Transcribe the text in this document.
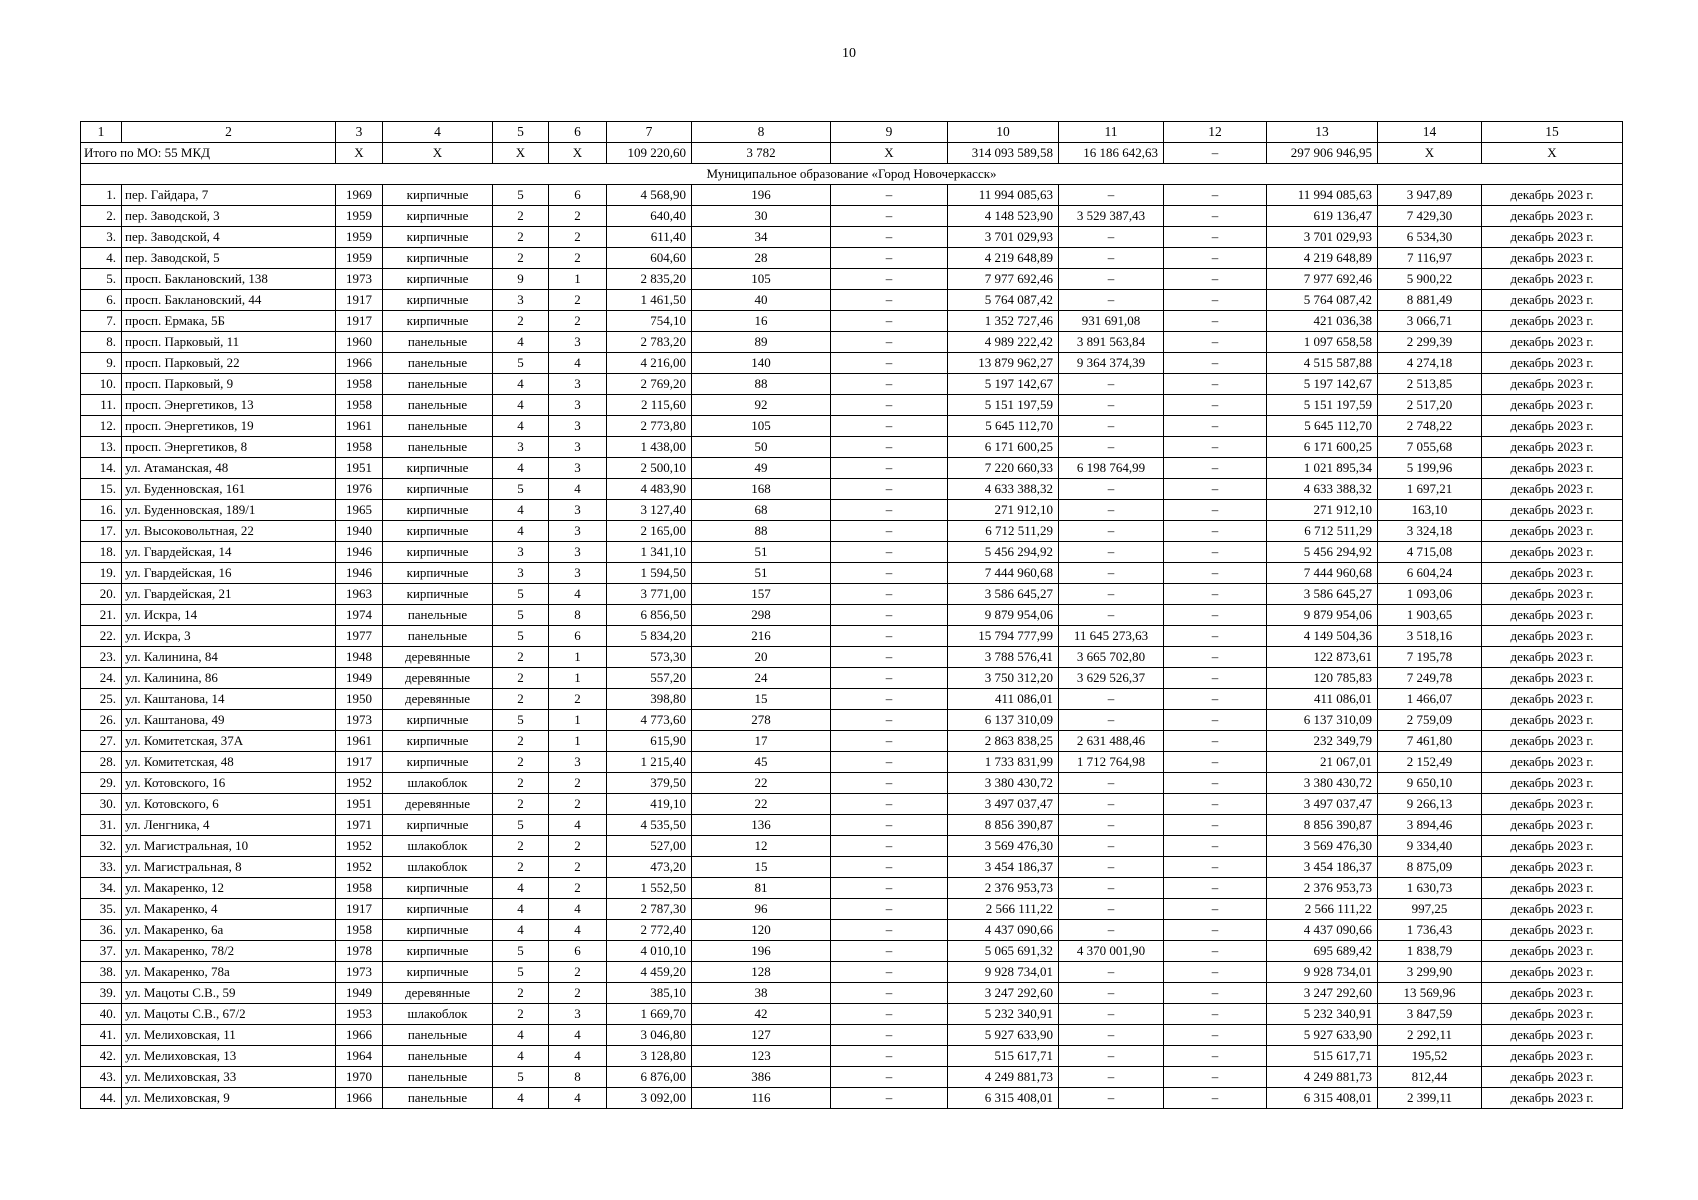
10
1	2	3	4	5	6	7	8	9	10	11	12	13	14	15
Итого по МО: 55 МКД		X	X	X	X	109 220,60	3 782	X	314 093 589,58	16 186 642,63	–	297 906 946,95	X	X
Муниципальное образование «Город Новочеркасск»														
1.	пер. Гайдара, 7	1969	кирпичные	5	6	4 568,90	196	–	11 994 085,63	–	–	11 994 085,63	3 947,89	декабрь 2023 г.
2.	пер. Заводской, 3	1959	кирпичные	2	2	640,40	30	–	4 148 523,90	3 529 387,43	–	619 136,47	7 429,30	декабрь 2023 г.
3.	пер. Заводской, 4	1959	кирпичные	2	2	611,40	34	–	3 701 029,93	–	–	3 701 029,93	6 534,30	декабрь 2023 г.
4.	пер. Заводской, 5	1959	кирпичные	2	2	604,60	28	–	4 219 648,89	–	–	4 219 648,89	7 116,97	декабрь 2023 г.
5.	просп. Баклановский, 138	1973	кирпичные	9	1	2 835,20	105	–	7 977 692,46	–	–	7 977 692,46	5 900,22	декабрь 2023 г.
6.	просп. Баклановский, 44	1917	кирпичные	3	2	1 461,50	40	–	5 764 087,42	–	–	5 764 087,42	8 881,49	декабрь 2023 г.
7.	просп. Ермака, 5Б	1917	кирпичные	2	2	754,10	16	–	1 352 727,46	931 691,08	–	421 036,38	3 066,71	декабрь 2023 г.
8.	просп. Парковый, 11	1960	панельные	4	3	2 783,20	89	–	4 989 222,42	3 891 563,84	–	1 097 658,58	2 299,39	декабрь 2023 г.
9.	просп. Парковый, 22	1966	панельные	5	4	4 216,00	140	–	13 879 962,27	9 364 374,39	–	4 515 587,88	4 274,18	декабрь 2023 г.
10.	просп. Парковый, 9	1958	панельные	4	3	2 769,20	88	–	5 197 142,67	–	–	5 197 142,67	2 513,85	декабрь 2023 г.
11.	просп. Энергетиков, 13	1958	панельные	4	3	2 115,60	92	–	5 151 197,59	–	–	5 151 197,59	2 517,20	декабрь 2023 г.
12.	просп. Энергетиков, 19	1961	панельные	4	3	2 773,80	105	–	5 645 112,70	–	–	5 645 112,70	2 748,22	декабрь 2023 г.
13.	просп. Энергетиков, 8	1958	панельные	3	3	1 438,00	50	–	6 171 600,25	–	–	6 171 600,25	7 055,68	декабрь 2023 г.
14.	ул. Атаманская, 48	1951	кирпичные	4	3	2 500,10	49	–	7 220 660,33	6 198 764,99	–	1 021 895,34	5 199,96	декабрь 2023 г.
15.	ул. Буденновская, 161	1976	кирпичные	5	4	4 483,90	168	–	4 633 388,32	–	–	4 633 388,32	1 697,21	декабрь 2023 г.
16.	ул. Буденновская, 189/1	1965	кирпичные	4	3	3 127,40	68	–	271 912,10	–	–	271 912,10	163,10	декабрь 2023 г.
17.	ул. Высоковольтная, 22	1940	кирпичные	4	3	2 165,00	88	–	6 712 511,29	–	–	6 712 511,29	3 324,18	декабрь 2023 г.
18.	ул. Гвардейская, 14	1946	кирпичные	3	3	1 341,10	51	–	5 456 294,92	–	–	5 456 294,92	4 715,08	декабрь 2023 г.
19.	ул. Гвардейская, 16	1946	кирпичные	3	3	1 594,50	51	–	7 444 960,68	–	–	7 444 960,68	6 604,24	декабрь 2023 г.
20.	ул. Гвардейская, 21	1963	кирпичные	5	4	3 771,00	157	–	3 586 645,27	–	–	3 586 645,27	1 093,06	декабрь 2023 г.
21.	ул. Искра, 14	1974	панельные	5	8	6 856,50	298	–	9 879 954,06	–	–	9 879 954,06	1 903,65	декабрь 2023 г.
22.	ул. Искра, 3	1977	панельные	5	6	5 834,20	216	–	15 794 777,99	11 645 273,63	–	4 149 504,36	3 518,16	декабрь 2023 г.
23.	ул. Калинина, 84	1948	деревянные	2	1	573,30	20	–	3 788 576,41	3 665 702,80	–	122 873,61	7 195,78	декабрь 2023 г.
24.	ул. Калинина, 86	1949	деревянные	2	1	557,20	24	–	3 750 312,20	3 629 526,37	–	120 785,83	7 249,78	декабрь 2023 г.
25.	ул. Каштанова, 14	1950	деревянные	2	2	398,80	15	–	411 086,01	–	–	411 086,01	1 466,07	декабрь 2023 г.
26.	ул. Каштанова, 49	1973	кирпичные	5	1	4 773,60	278	–	6 137 310,09	–	–	6 137 310,09	2 759,09	декабрь 2023 г.
27.	ул. Комитетская, 37А	1961	кирпичные	2	1	615,90	17	–	2 863 838,25	2 631 488,46	–	232 349,79	7 461,80	декабрь 2023 г.
28.	ул. Комитетская, 48	1917	кирпичные	2	3	1 215,40	45	–	1 733 831,99	1 712 764,98	–	21 067,01	2 152,49	декабрь 2023 г.
29.	ул. Котовского, 16	1952	шлакоблок	2	2	379,50	22	–	3 380 430,72	–	–	3 380 430,72	9 650,10	декабрь 2023 г.
30.	ул. Котовского, 6	1951	деревянные	2	2	419,10	22	–	3 497 037,47	–	–	3 497 037,47	9 266,13	декабрь 2023 г.
31.	ул. Ленгника, 4	1971	кирпичные	5	4	4 535,50	136	–	8 856 390,87	–	–	8 856 390,87	3 894,46	декабрь 2023 г.
32.	ул. Магистральная, 10	1952	шлакоблок	2	2	527,00	12	–	3 569 476,30	–	–	3 569 476,30	9 334,40	декабрь 2023 г.
33.	ул. Магистральная, 8	1952	шлакоблок	2	2	473,20	15	–	3 454 186,37	–	–	3 454 186,37	8 875,09	декабрь 2023 г.
34.	ул. Макаренко, 12	1958	кирпичные	4	2	1 552,50	81	–	2 376 953,73	–	–	2 376 953,73	1 630,73	декабрь 2023 г.
35.	ул. Макаренко, 4	1917	кирпичные	4	4	2 787,30	96	–	2 566 111,22	–	–	2 566 111,22	997,25	декабрь 2023 г.
36.	ул. Макаренко, 6а	1958	кирпичные	4	4	2 772,40	120	–	4 437 090,66	–	–	4 437 090,66	1 736,43	декабрь 2023 г.
37.	ул. Макаренко, 78/2	1978	кирпичные	5	6	4 010,10	196	–	5 065 691,32	4 370 001,90	–	695 689,42	1 838,79	декабрь 2023 г.
38.	ул. Макаренко, 78а	1973	кирпичные	5	2	4 459,20	128	–	9 928 734,01	–	–	9 928 734,01	3 299,90	декабрь 2023 г.
39.	ул. Мацоты С.В., 59	1949	деревянные	2	2	385,10	38	–	3 247 292,60	–	–	3 247 292,60	13 569,96	декабрь 2023 г.
40.	ул. Мацоты С.В., 67/2	1953	шлакоблок	2	3	1 669,70	42	–	5 232 340,91	–	–	5 232 340,91	3 847,59	декабрь 2023 г.
41.	ул. Мелиховская, 11	1966	панельные	4	4	3 046,80	127	–	5 927 633,90	–	–	5 927 633,90	2 292,11	декабрь 2023 г.
42.	ул. Мелиховская, 13	1964	панельные	4	4	3 128,80	123	–	515 617,71	–	–	515 617,71	195,52	декабрь 2023 г.
43.	ул. Мелиховская, 33	1970	панельные	5	8	6 876,00	386	–	4 249 881,73	–	–	4 249 881,73	812,44	декабрь 2023 г.
44.	ул. Мелиховская, 9	1966	панельные	4	4	3 092,00	116	–	6 315 408,01	–	–	6 315 408,01	2 399,11	декабрь 2023 г.
